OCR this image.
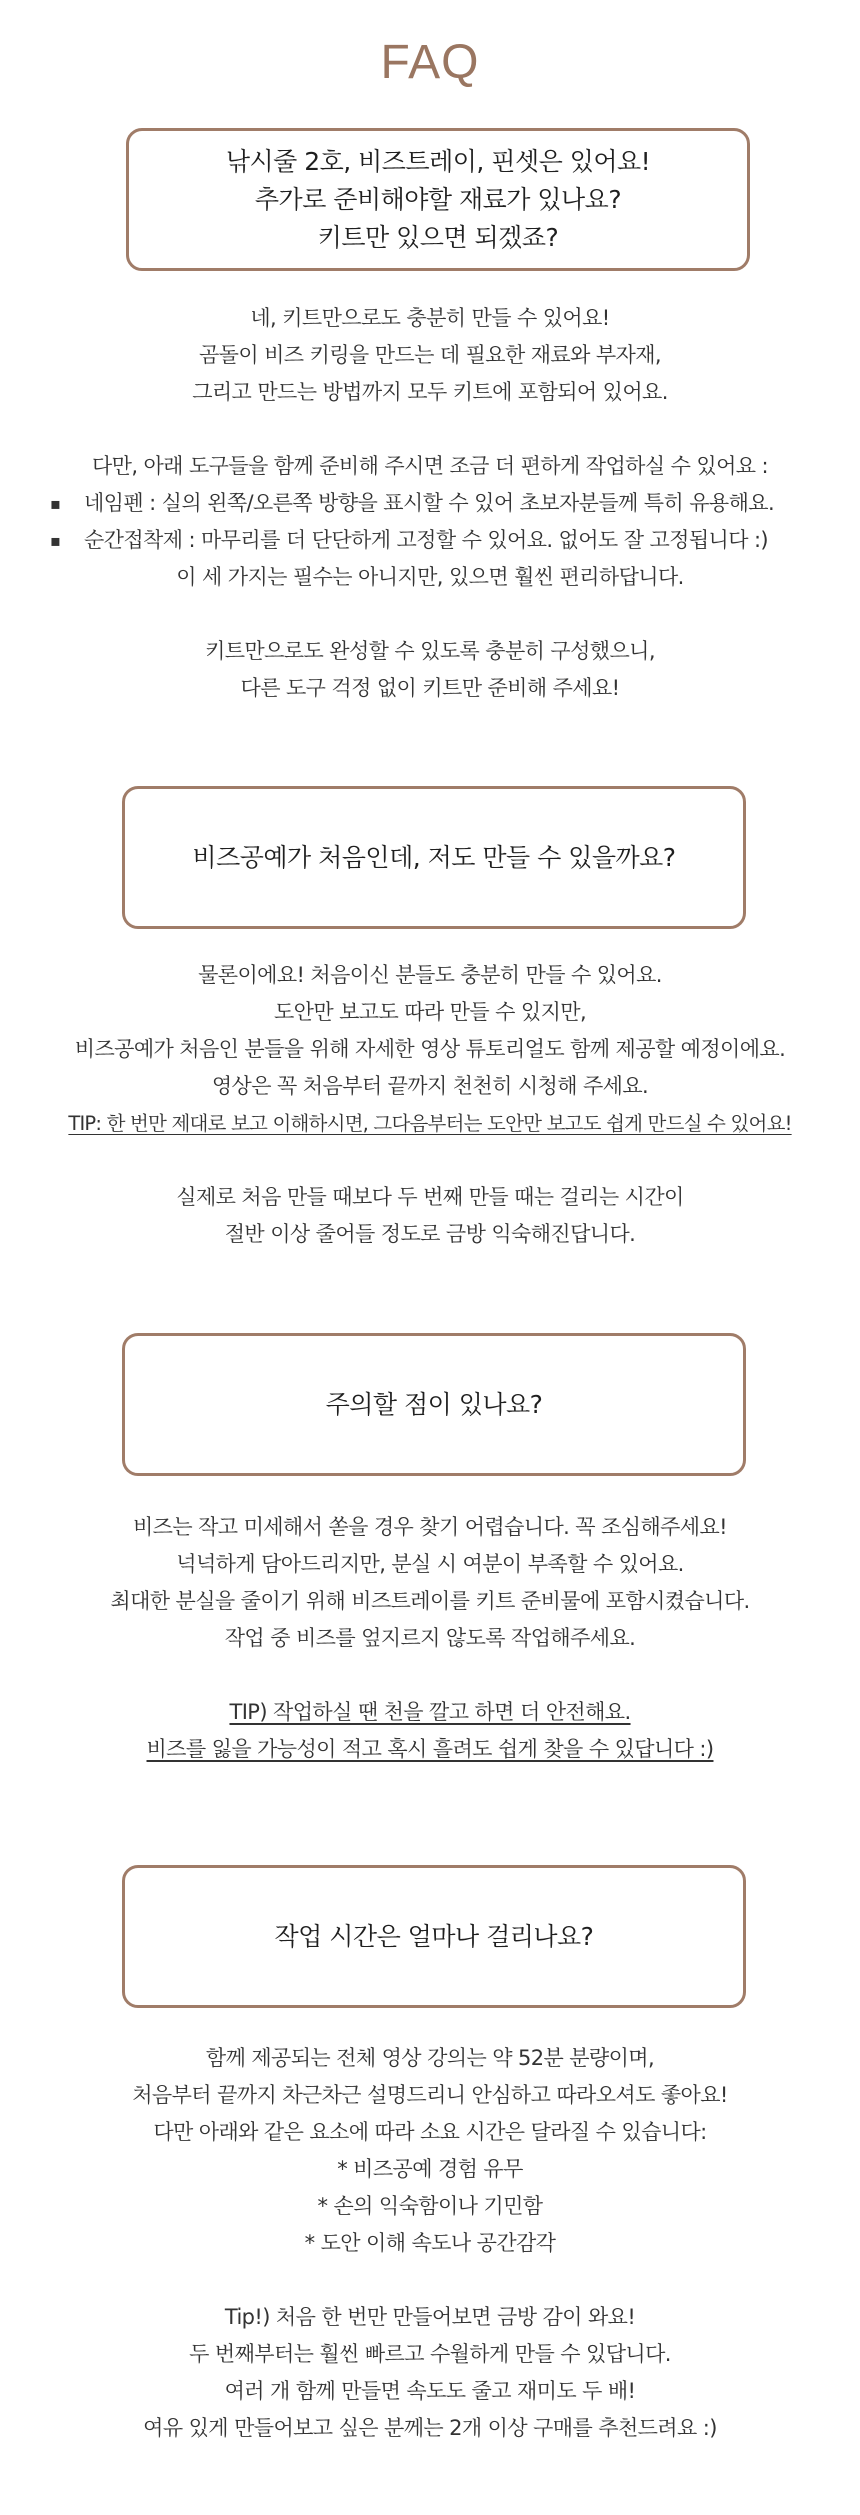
FAQ
낚시줄 2호, 비즈트레이, 핀셋은 있어요!
추가로 준비해야할 재료가 있나요?
키트만 있으면 되겠죠?
네, 키트만으로도 충분히 만들 수 있어요!
곰돌이 비즈 키링을 만드는 데 필요한 재료와 부자재,
그리고 만드는 방법까지 모두 키트에 포함되어 있어요.
다만, 아래 도구들을 함께 준비해 주시면 조금 더 편하게 작업하실 수 있어요 :
▪	네임펜 : 실의 왼쪽/오른쪽 방향을 표시할 수 있어 초보자분들께 특히 유용해요.
▪	순간접착제 : 마무리를 더 단단하게 고정할 수 있어요. 없어도 잘 고정됩니다 :)
이 세 가지는 필수는 아니지만, 있으면 훨씬 편리하답니다.
키트만으로도 완성할 수 있도록 충분히 구성했으니,
다른 도구 걱정 없이 키트만 준비해 주세요!
비즈공예가 처음인데, 저도 만들 수 있을까요?
물론이에요! 처음이신 분들도 충분히 만들 수 있어요.
도안만 보고도 따라 만들 수 있지만,
비즈공예가 처음인 분들을 위해 자세한 영상 튜토리얼도 함께 제공할 예정이에요.
영상은 꼭 처음부터 끝까지 천천히 시청해 주세요.
TIP: 한 번만 제대로 보고 이해하시면, 그다음부터는 도안만 보고도 쉽게 만드실 수 있어요!
실제로 처음 만들 때보다 두 번째 만들 때는 걸리는 시간이
절반 이상 줄어들 정도로 금방 익숙해진답니다.
주의할 점이 있나요?
비즈는 작고 미세해서 쏟을 경우 찾기 어렵습니다. 꼭 조심해주세요!
넉넉하게 담아드리지만, 분실 시 여분이 부족할 수 있어요.
최대한 분실을 줄이기 위해 비즈트레이를 키트 준비물에 포함시켰습니다.
작업 중 비즈를 엎지르지 않도록 작업해주세요.
TIP) 작업하실 땐 천을 깔고 하면 더 안전해요.
비즈를 잃을 가능성이 적고 혹시 흘려도 쉽게 찾을 수 있답니다 :)
작업 시간은 얼마나 걸리나요?
함께 제공되는 전체 영상 강의는 약 52분 분량이며,
처음부터 끝까지 차근차근 설명드리니 안심하고 따라오셔도 좋아요!
다만 아래와 같은 요소에 따라 소요 시간은 달라질 수 있습니다:
* 비즈공예 경험 유무
* 손의 익숙함이나 기민함
* 도안 이해 속도나 공간감각
Tip!) 처음 한 번만 만들어보면 금방 감이 와요!
두 번째부터는 훨씬 빠르고 수월하게 만들 수 있답니다.
여러 개 함께 만들면 속도도 줄고 재미도 두 배!
여유 있게 만들어보고 싶은 분께는 2개 이상 구매를 추천드려요 :)
